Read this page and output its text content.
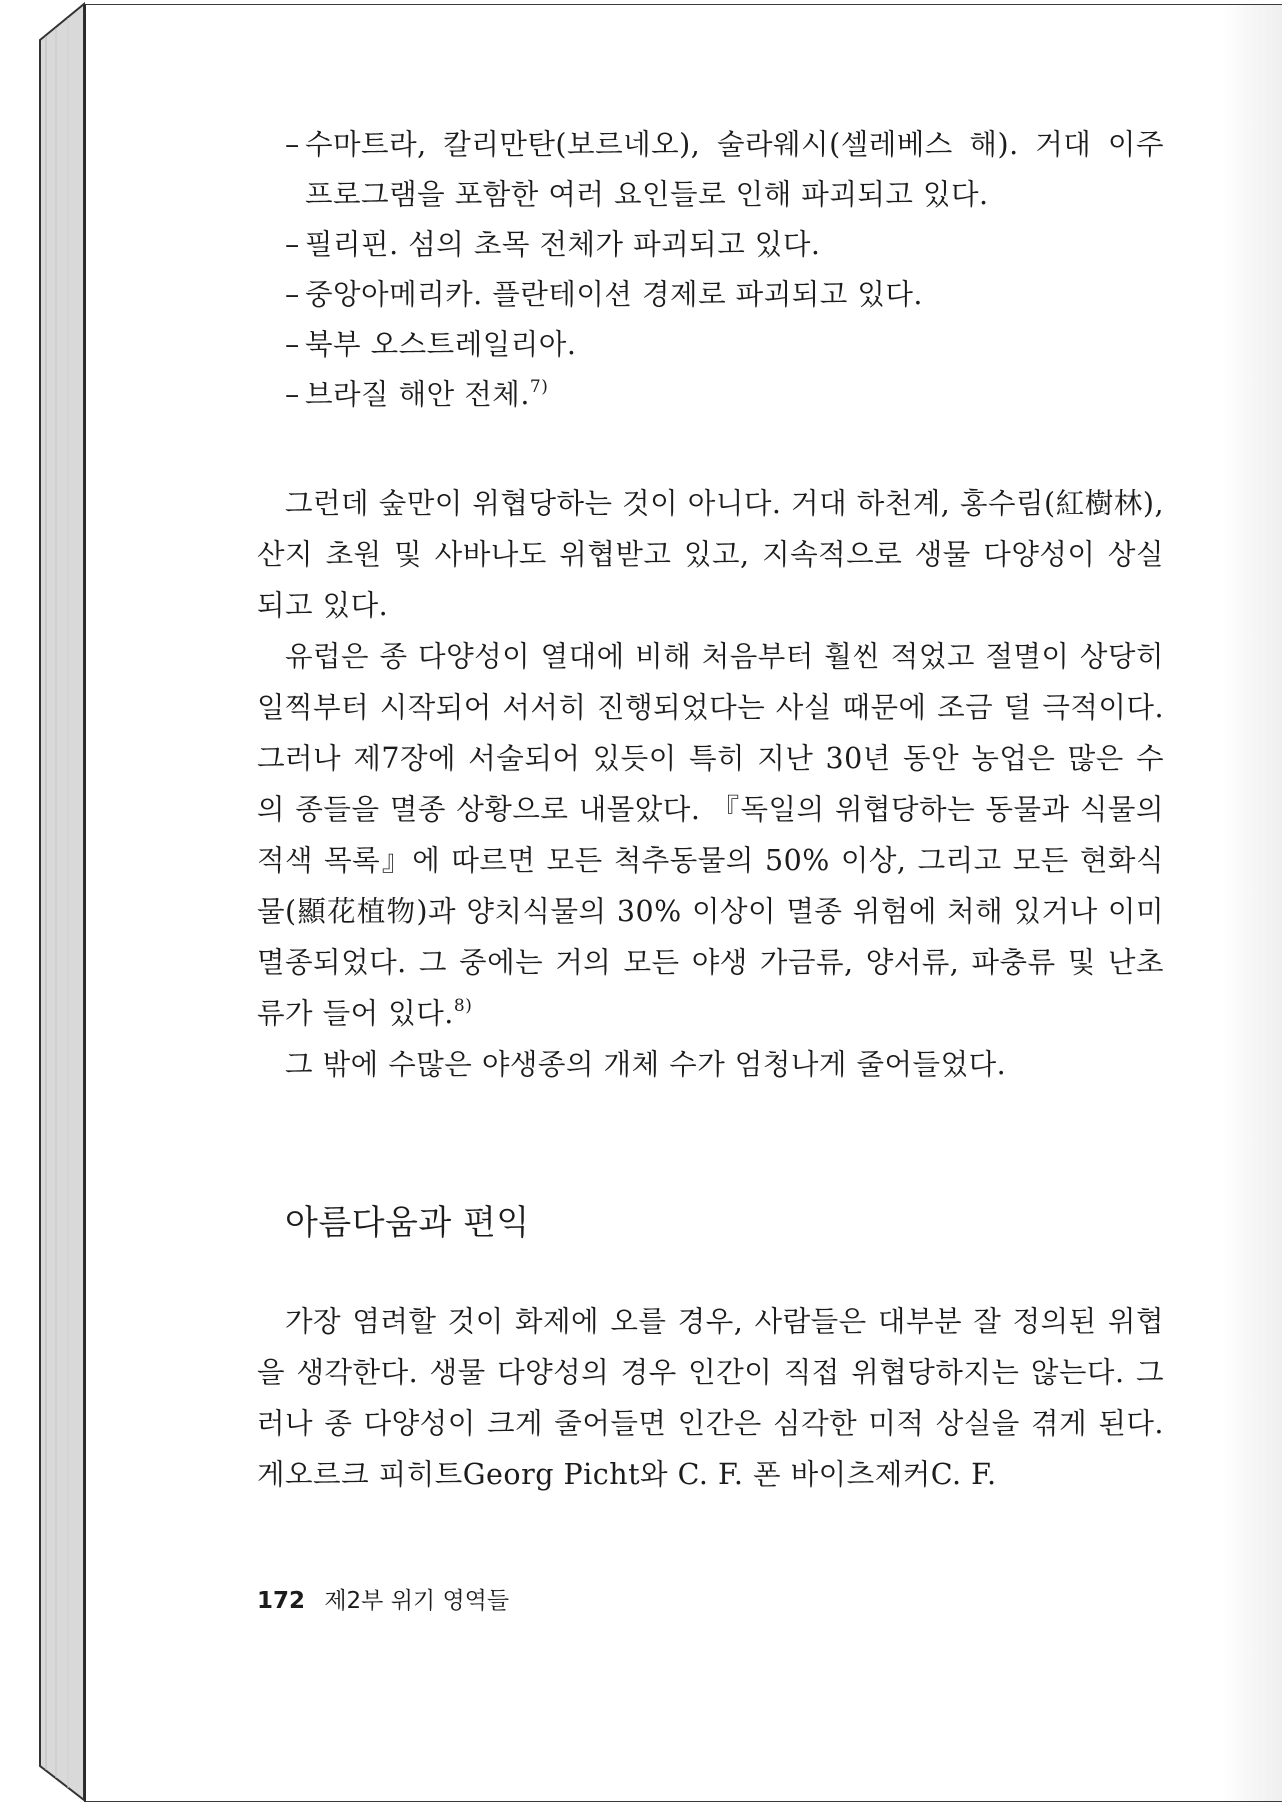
– 수마트라, 칼리만탄(보르네오), 술라웨시(셀레베스 해). 거대 이주 프로그램을 포함한 여러 요인들로 인해 파괴되고 있다.
– 필리핀. 섬의 초목 전체가 파괴되고 있다.
– 중앙아메리카. 플란테이션 경제로 파괴되고 있다.
– 북부 오스트레일리아.
– 브라질 해안 전체.$^{7)}$

그런데 숲만이 위협당하는 것이 아니다. 거대 하천계, 홍수림(紅樹林), 산지 초원 및 사바나도 위협받고 있고, 지속적으로 생물 다양성이 상실되고 있다.

유럽은 종 다양성이 열대에 비해 처음부터 훨씬 적었고 절멸이 상당히 일찍부터 시작되어 서서히 진행되었다는 사실 때문에 조금 덜 극적이다. 그러나 제7장에 서술되어 있듯이 특히 지난 30년 동안 농업은 많은 수의 종들을 멸종 상황으로 내몰았다. 『독일의 위협당하는 동물과 식물의 적색 목록』에 따르면 모든 척추동물의 50% 이상, 그리고 모든 현화식물(顯花植物)과 양치식물의 30% 이상이 멸종 위험에 처해 있거나 이미 멸종되었다. 그 중에는 거의 모든 야생 가금류, 양서류, 파충류 및 난초류가 들어 있다.$^{8)}$

그 밖에 수많은 야생종의 개체 수가 엄청나게 줄어들었다.

아름다움과 편익

가장 염려할 것이 화제에 오를 경우, 사람들은 대부분 잘 정의된 위협을 생각한다. 생물 다양성의 경우 인간이 직접 위협당하지는 않는다. 그러나 종 다양성이 크게 줄어들면 인간은 심각한 미적 상실을 겪게 된다. 게오르크 피히트Georg Picht와 C. F. 폰 바이츠제커C. F.

172 제2부 위기 영역들
